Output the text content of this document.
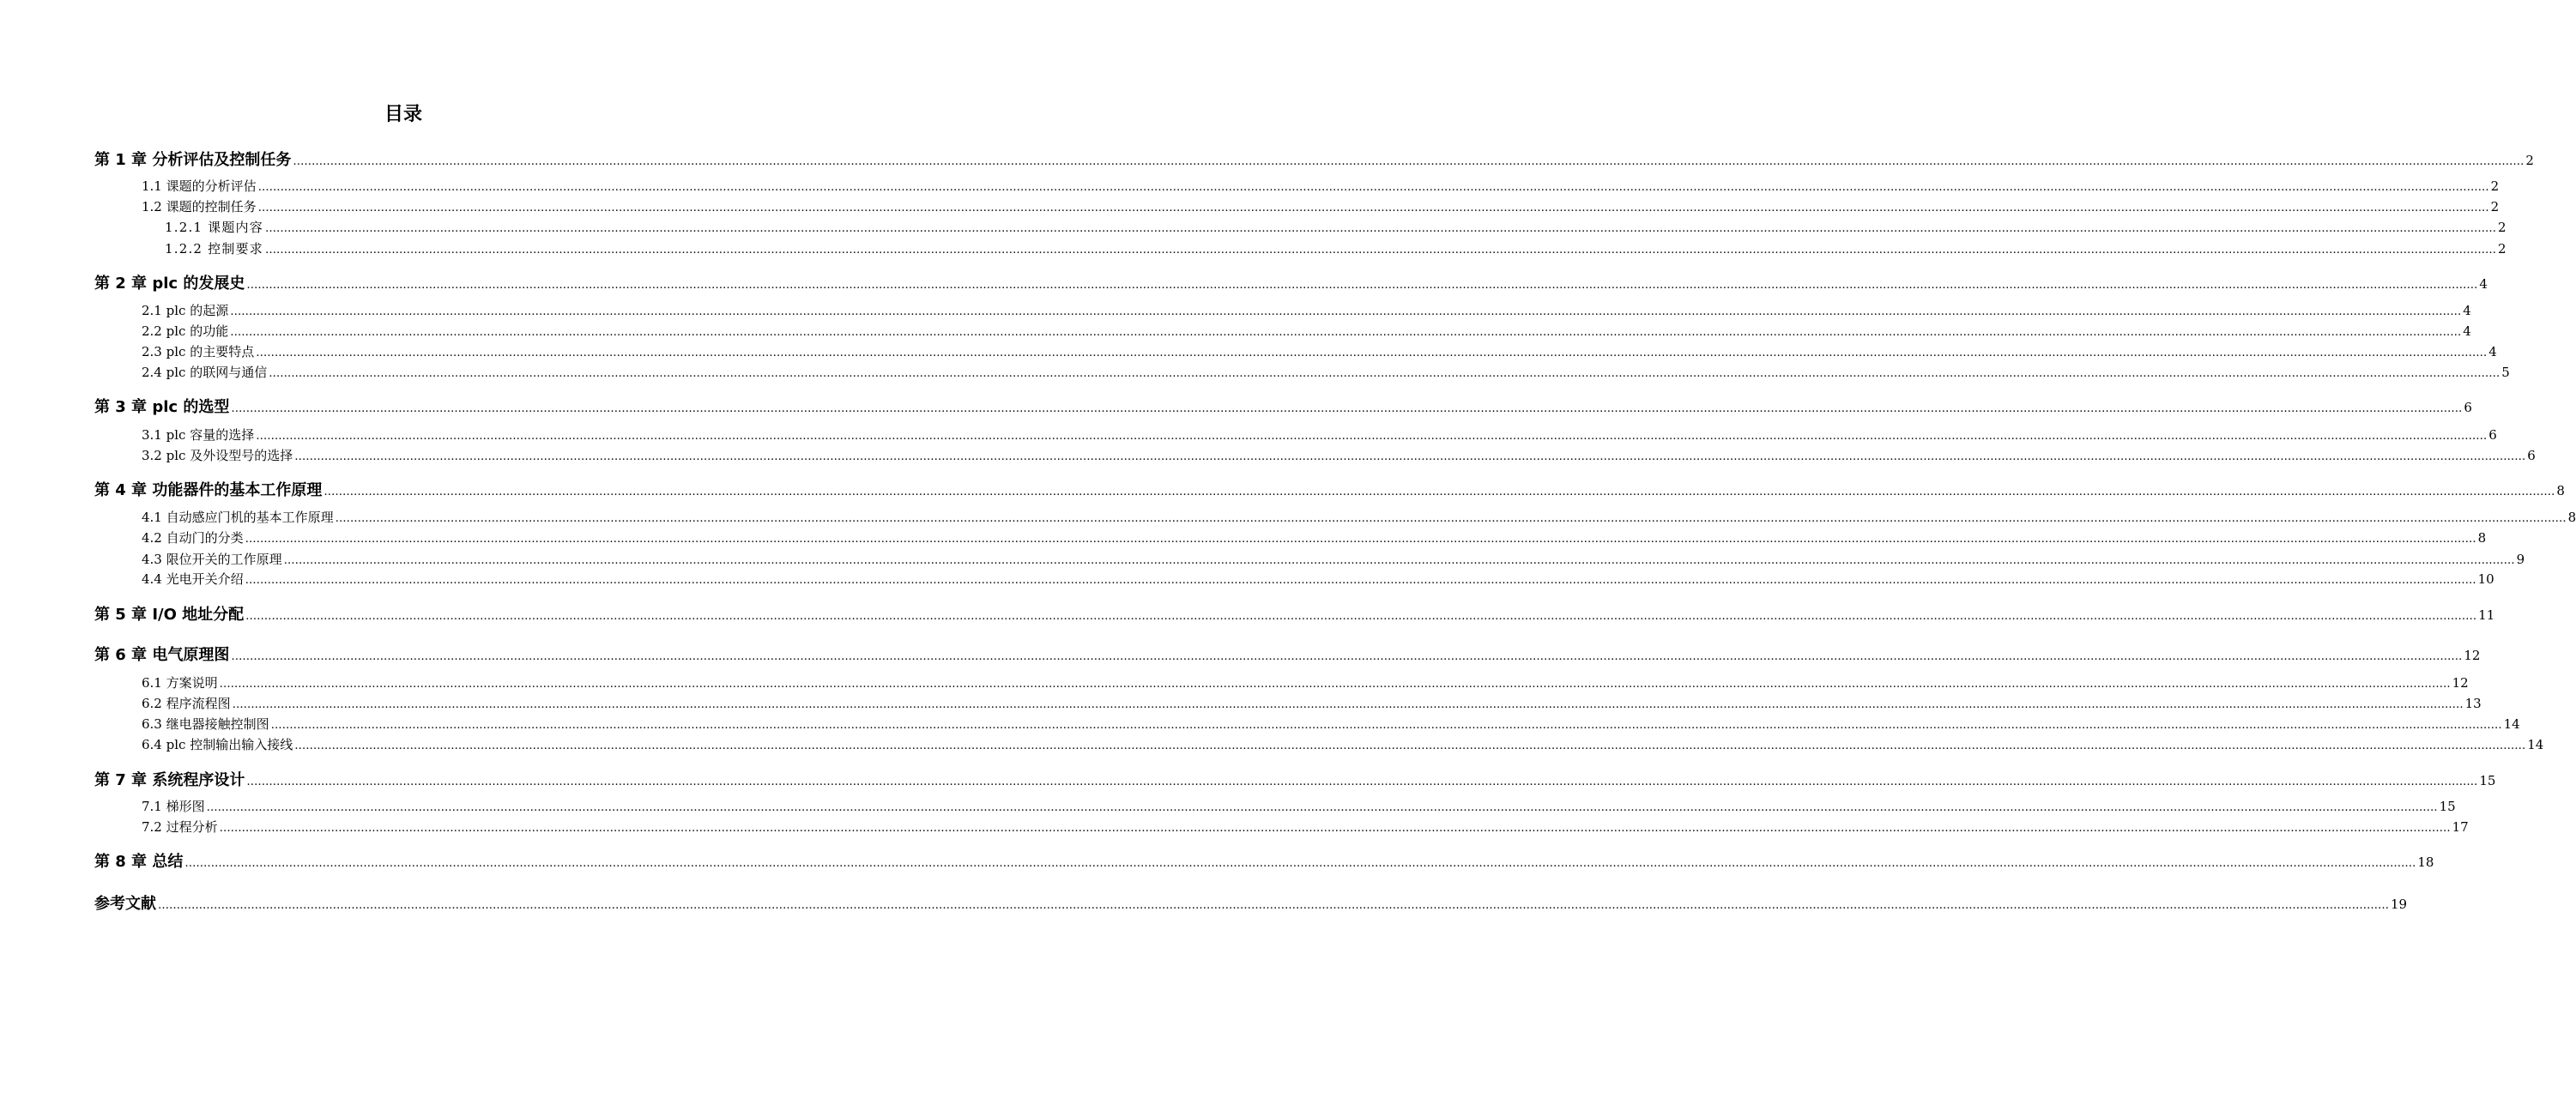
目录
第 1 章 分析评估及控制任务 …………………………………………………………………………………………………………………………………………………………………………………………………………………………………………………………………………………………………………………………………………………………………………………………………………………………………………………………………………………………………………………………………………………… 2
1.1 课题的分析评估 …………………………………………………………………………………………………………………………………………………………………………………………………………………………………………………………………………………………………………………………………………………………………………………………………………………………………………………………………………………………………………………………………………………… 2
1.2 课题的控制任务 …………………………………………………………………………………………………………………………………………………………………………………………………………………………………………………………………………………………………………………………………………………………………………………………………………………………………………………………………………………………………………………………………………………… 2
1.2.1 课题内容 …………………………………………………………………………………………………………………………………………………………………………………………………………………………………………………………………………………………………………………………………………………………………………………………………………………………………………………………………………………………………………………………………………………… 2
1.2.2 控制要求 …………………………………………………………………………………………………………………………………………………………………………………………………………………………………………………………………………………………………………………………………………………………………………………………………………………………………………………………………………………………………………………………………………………… 2
第 2 章 plc 的发展史 …………………………………………………………………………………………………………………………………………………………………………………………………………………………………………………………………………………………………………………………………………………………………………………………………………………………………………………………………………………………………………………………………………………… 4
2.1 plc 的起源 …………………………………………………………………………………………………………………………………………………………………………………………………………………………………………………………………………………………………………………………………………………………………………………………………………………………………………………………………………………………………………………………………………………… 4
2.2 plc 的功能 …………………………………………………………………………………………………………………………………………………………………………………………………………………………………………………………………………………………………………………………………………………………………………………………………………………………………………………………………………………………………………………………………………………… 4
2.3 plc 的主要特点 …………………………………………………………………………………………………………………………………………………………………………………………………………………………………………………………………………………………………………………………………………………………………………………………………………………………………………………………………………………………………………………………………………………… 4
2.4 plc 的联网与通信 …………………………………………………………………………………………………………………………………………………………………………………………………………………………………………………………………………………………………………………………………………………………………………………………………………………………………………………………………………………………………………………………………………………… 5
第 3 章 plc 的选型 …………………………………………………………………………………………………………………………………………………………………………………………………………………………………………………………………………………………………………………………………………………………………………………………………………………………………………………………………………………………………………………………………………………… 6
3.1 plc 容量的选择 …………………………………………………………………………………………………………………………………………………………………………………………………………………………………………………………………………………………………………………………………………………………………………………………………………………………………………………………………………………………………………………………………………………… 6
3.2 plc 及外设型号的选择 …………………………………………………………………………………………………………………………………………………………………………………………………………………………………………………………………………………………………………………………………………………………………………………………………………………………………………………………………………………………………………………………………………………… 6
第 4 章 功能器件的基本工作原理 …………………………………………………………………………………………………………………………………………………………………………………………………………………………………………………………………………………………………………………………………………………………………………………………………………………………………………………………………………………………………………………………………………………… 8
4.1 自动感应门机的基本工作原理 …………………………………………………………………………………………………………………………………………………………………………………………………………………………………………………………………………………………………………………………………………………………………………………………………………………………………………………………………………………………………………………………………………………… 8
4.2 自动门的分类 …………………………………………………………………………………………………………………………………………………………………………………………………………………………………………………………………………………………………………………………………………………………………………………………………………………………………………………………………………………………………………………………………………………… 8
4.3 限位开关的工作原理 …………………………………………………………………………………………………………………………………………………………………………………………………………………………………………………………………………………………………………………………………………………………………………………………………………………………………………………………………………………………………………………………………………………… 9
4.4 光电开关介绍 …………………………………………………………………………………………………………………………………………………………………………………………………………………………………………………………………………………………………………………………………………………………………………………………………………………………………………………………………………………………………………………………………………………… 10
第 5 章 I/O 地址分配 …………………………………………………………………………………………………………………………………………………………………………………………………………………………………………………………………………………………………………………………………………………………………………………………………………………………………………………………………………………………………………………………………………………… 11
第 6 章 电气原理图 …………………………………………………………………………………………………………………………………………………………………………………………………………………………………………………………………………………………………………………………………………………………………………………………………………………………………………………………………………………………………………………………………………………… 12
6.1 方案说明 …………………………………………………………………………………………………………………………………………………………………………………………………………………………………………………………………………………………………………………………………………………………………………………………………………………………………………………………………………………………………………………………………………………… 12
6.2 程序流程图 …………………………………………………………………………………………………………………………………………………………………………………………………………………………………………………………………………………………………………………………………………………………………………………………………………………………………………………………………………………………………………………………………………………… 13
6.3 继电器接触控制图 …………………………………………………………………………………………………………………………………………………………………………………………………………………………………………………………………………………………………………………………………………………………………………………………………………………………………………………………………………………………………………………………………………………… 14
6.4 plc 控制输出输入接线 …………………………………………………………………………………………………………………………………………………………………………………………………………………………………………………………………………………………………………………………………………………………………………………………………………………………………………………………………………………………………………………………………………………… 14
第 7 章 系统程序设计 …………………………………………………………………………………………………………………………………………………………………………………………………………………………………………………………………………………………………………………………………………………………………………………………………………………………………………………………………………………………………………………………………………………… 15
7.1 梯形图 …………………………………………………………………………………………………………………………………………………………………………………………………………………………………………………………………………………………………………………………………………………………………………………………………………………………………………………………………………………………………………………………………………………… 15
7.2 过程分析 …………………………………………………………………………………………………………………………………………………………………………………………………………………………………………………………………………………………………………………………………………………………………………………………………………………………………………………………………………………………………………………………………………………… 17
第 8 章 总结 …………………………………………………………………………………………………………………………………………………………………………………………………………………………………………………………………………………………………………………………………………………………………………………………………………………………………………………………………………………………………………………………………………………… 18
参考文献 …………………………………………………………………………………………………………………………………………………………………………………………………………………………………………………………………………………………………………………………………………………………………………………………………………………………………………………………………………………………………………………………………………………… 19
